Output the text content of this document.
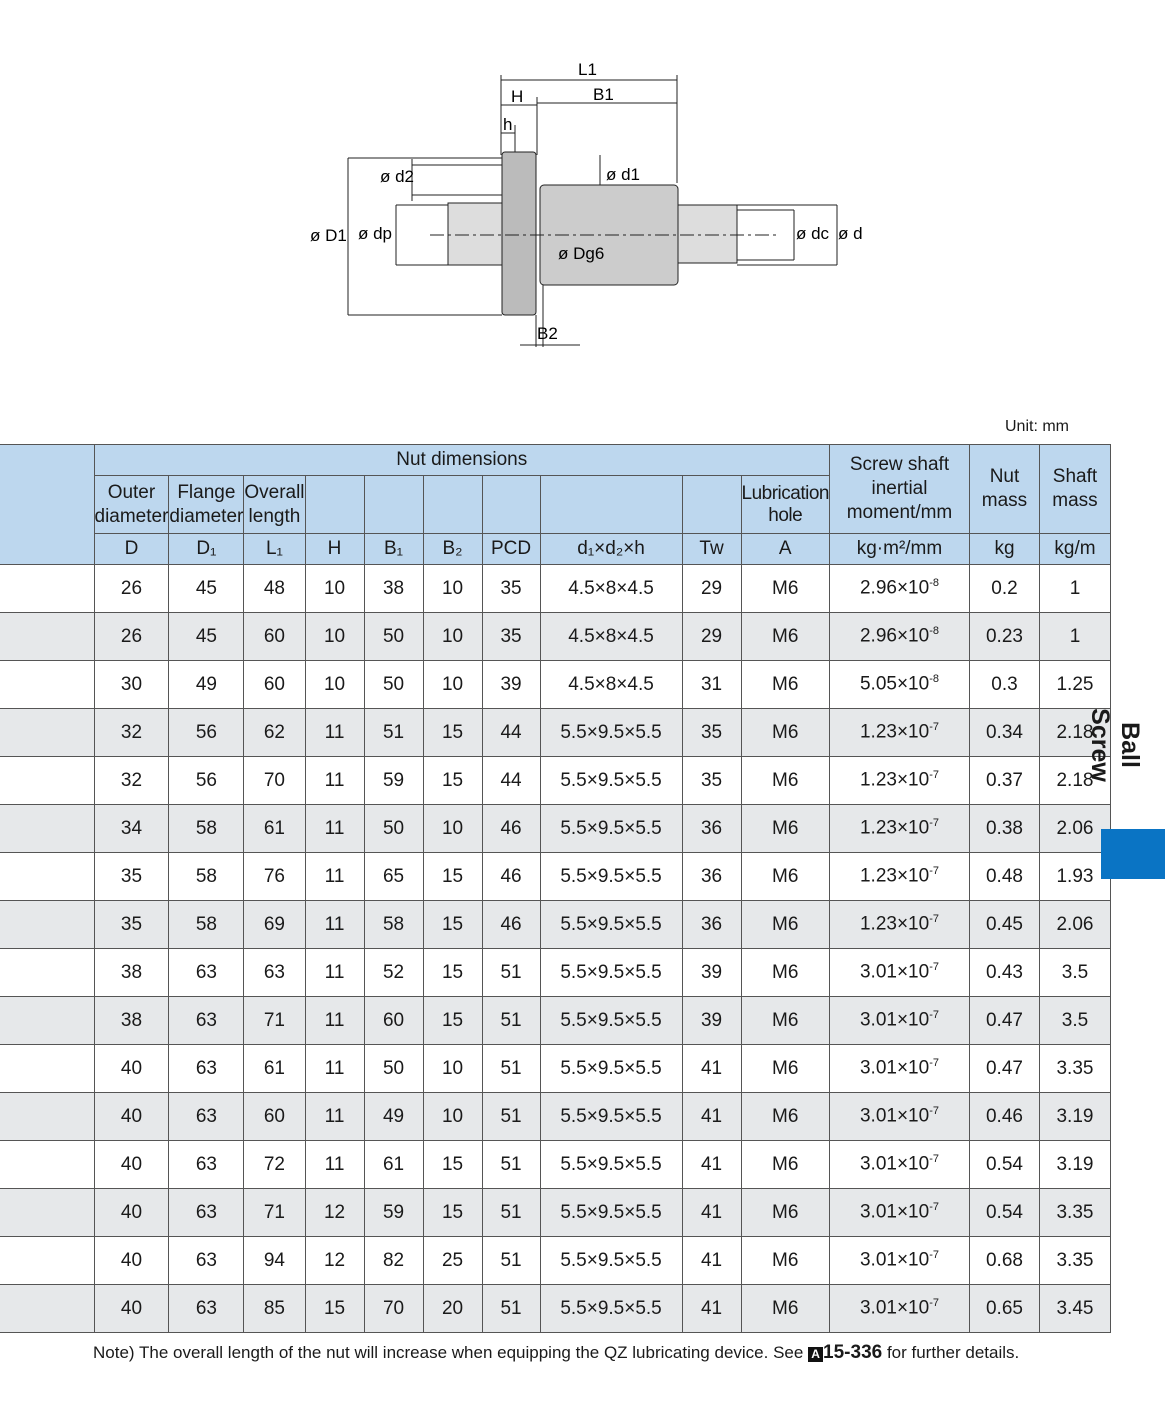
L1
B1
H
h
ø d2	ø d1
ø D1 ø dp
ø Dg6
ø dc ø d
B2
Unit: mm
	Nut dimensions										Screw shaft inertial moment/mm	Nut mass	Shaft mass
	Outer diameter	Flange diameter	Overall length							Lubrication hole			
	D	D₁	L₁	H	B₁	B₂	PCD	d₁×d₂×h	Tw	A	kg·m²/mm	kg	kg/m
	26	45	48	10	38	10	35	4.5×8×4.5	29	M6	$2.96\times 10^{-8}$	0.2	1
	26	45	60	10	50	10	35	4.5×8×4.5	29	M6	$2.96\times 10^{-8}$	0.23	1
	30	49	60	10	50	10	39	4.5×8×4.5	31	M6	$5.05\times 10^{-8}$	0.3	1.25
	32	56	62	11	51	15	44	5.5×9.5×5.5	35	M6	$1.23\times 10^{-7}$	0.34	2.18
	32	56	70	11	59	15	44	5.5×9.5×5.5	35	M6	$1.23\times 10^{-7}$	0.37	2.18
	34	58	61	11	50	10	46	5.5×9.5×5.5	36	M6	$1.23\times 10^{-7}$	0.38	2.06
	35	58	76	11	65	15	46	5.5×9.5×5.5	36	M6	$1.23\times 10^{-7}$	0.48	1.93
	35	58	69	11	58	15	46	5.5×9.5×5.5	36	M6	$1.23\times 10^{-7}$	0.45	2.06
	38	63	63	11	52	15	51	5.5×9.5×5.5	39	M6	$3.01\times 10^{-7}$	0.43	3.5
	38	63	71	11	60	15	51	5.5×9.5×5.5	39	M6	$3.01\times 10^{-7}$	0.47	3.5
	40	63	61	11	50	10	51	5.5×9.5×5.5	41	M6	$3.01\times 10^{-7}$	0.47	3.35
	40	63	60	11	49	10	51	5.5×9.5×5.5	41	M6	$3.01\times 10^{-7}$	0.46	3.19
	40	63	72	11	61	15	51	5.5×9.5×5.5	41	M6	$3.01\times 10^{-7}$	0.54	3.19
	40	63	71	12	59	15	51	5.5×9.5×5.5	41	M6	$3.01\times 10^{-7}$	0.54	3.35
	40	63	94	12	82	25	51	5.5×9.5×5.5	41	M6	$3.01\times 10^{-7}$	0.68	3.35
	40	63	85	15	70	20	51	5.5×9.5×5.5	41	M6	$3.01\times 10^{-7}$	0.65	3.45
Note) The overall length of the nut will increase when equipping the QZ lubricating device. See A 15-336 for further details.
Ball Screw
